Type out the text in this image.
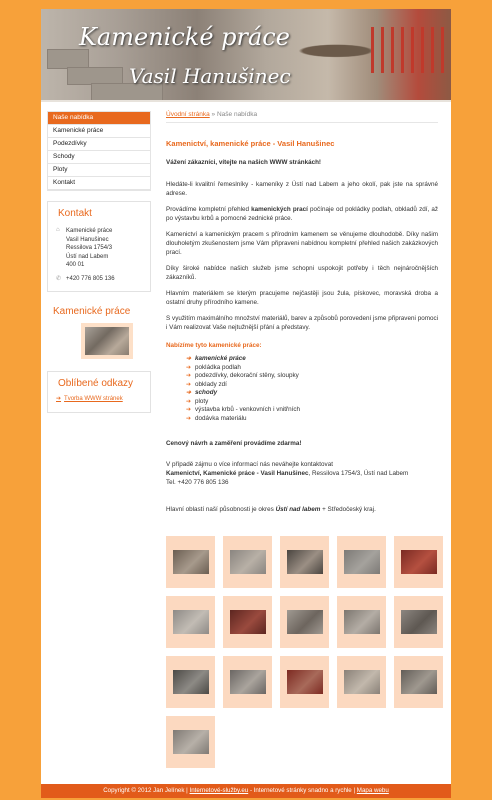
Kamenické práce
Vasil Hanušinec
Naše nabídka
Kamenické práce
Podezdívky
Schody
Ploty
Kontakt
Kontakt
⌂	Kamenické práce
Vasil Hanušinec
Ressilova 1754/3
Ústí nad Labem
400 01
✆ +420 776 805 136
Kamenické práce
Oblíbené odkazy
➔ Tvorba WWW stránek
Úvodní stránka » Naše nabídka
Kamenictví, kamenické práce - Vasil Hanušinec

Vážení zákazníci, vítejte na našich WWW stránkách!

Hledáte-li kvalitní řemeslníky - kameníky z Ústí nad Labem a jeho okolí, pak jste na správné adrese.

Provádíme kompletní přehled kamenických prací počínaje od pokládky podlah, obkladů zdí, až po výstavbu krbů a pomocné zednické práce.

Kamenictví a kamenickým pracem s přírodním kamenem se věnujeme dlouhodobě. Díky našim dlouholetým zkušenostem jsme Vám připraveni nabídnou kompletní přehled našich zakázkových prací.

Díky široké nabídce našich služeb jsme schopni uspokojit potřeby i těch nejnáročnějších zákazníků.

Hlavním materiálem se kterým pracujeme nejčastěji jsou žula, pískovec, moravská droba a ostatní druhy přírodního kamene.

S využitím maximálního množství materiálů, barev a způsobů porovedení jsme připraveni pomoci i Vám realizovat Vaše nejtužnější přání a představy.

Nabízíme tyto kamenické práce:
➔ kamenické práce
➔ pokládka podlah
➔ podezdívky, dekorační stěny, sloupky
➔ obklady zdí
➔ schody
➔ ploty
➔ výstavba krbů - venkovních i vnitřních
➔ dodávka materiálu

Cenový návrh a zaměření provádíme zdarma!

V případě zájmu o více informací nás neváhejte kontaktovat

Kamenictví, Kamenické práce - Vasil Hanušinec, Ressilova 1754/3, Ústí nad Labem

Tel. +420 776 805 136

Hlavní oblastí naší působnosti je okres Ústí nad labem + Středočeský kraj.

Copyright © 2012 Jan Jelínek | Internetové-služby.eu - Internetové stránky snadno a rychle | Mapa webu
